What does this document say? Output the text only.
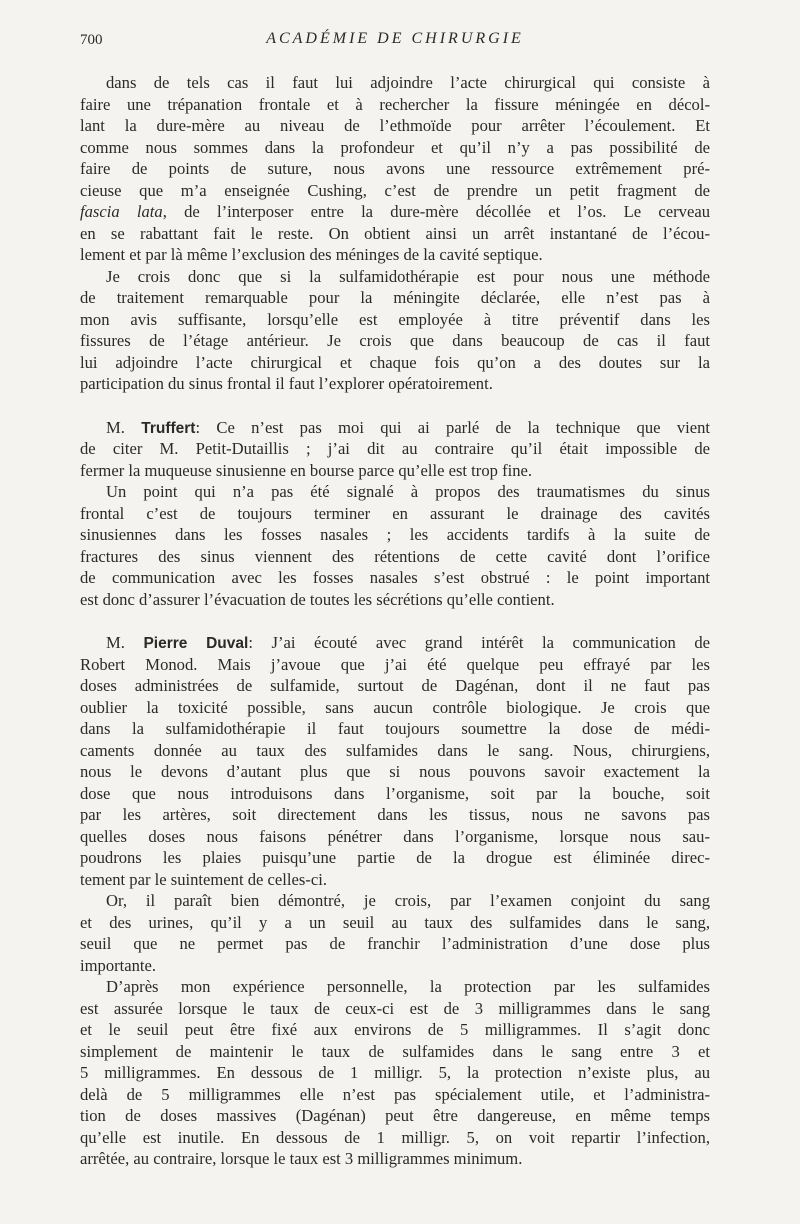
700	ACADÉMIE DE CHIRURGIE
dans de tels cas il faut lui adjoindre l’acte chirurgical qui consiste à
faire une trépanation frontale et à rechercher la fissure méningée en décol-
lant la dure-mère au niveau de l’ethmoïde pour arrêter l’écoulement. Et
comme nous sommes dans la profondeur et qu’il n’y a pas possibilité de
faire de points de suture, nous avons une ressource extrêmement pré-
cieuse que m’a enseignée Cushing, c’est de prendre un petit fragment de
fascia lata, de l’interposer entre la dure-mère décollée et l’os. Le cerveau
en se rabattant fait le reste. On obtient ainsi un arrêt instantané de l’écou-
lement et par là même l’exclusion des méninges de la cavité septique.
Je crois donc que si la sulfamidothérapie est pour nous une méthode
de traitement remarquable pour la méningite déclarée, elle n’est pas à
mon avis suffisante, lorsqu’elle est employée à titre préventif dans les
fissures de l’étage antérieur. Je crois que dans beaucoup de cas il faut
lui adjoindre l’acte chirurgical et chaque fois qu’on a des doutes sur la
participation du sinus frontal il faut l’explorer opératoirement.
M. Truffert: Ce n’est pas moi qui ai parlé de la technique que vient
de citer M. Petit-Dutaillis ; j’ai dit au contraire qu’il était impossible de
fermer la muqueuse sinusienne en bourse parce qu’elle est trop fine.
Un point qui n’a pas été signalé à propos des traumatismes du sinus
frontal c’est de toujours terminer en assurant le drainage des cavités
sinusiennes dans les fosses nasales ; les accidents tardifs à la suite de
fractures des sinus viennent des rétentions de cette cavité dont l’orifice
de communication avec les fosses nasales s’est obstrué : le point important
est donc d’assurer l’évacuation de toutes les sécrétions qu’elle contient.
M. Pierre Duval: J’ai écouté avec grand intérêt la communication de
Robert Monod. Mais j’avoue que j’ai été quelque peu effrayé par les
doses administrées de sulfamide, surtout de Dagénan, dont il ne faut pas
oublier la toxicité possible, sans aucun contrôle biologique. Je crois que
dans la sulfamidothérapie il faut toujours soumettre la dose de médi-
caments donnée au taux des sulfamides dans le sang. Nous, chirurgiens,
nous le devons d’autant plus que si nous pouvons savoir exactement la
dose que nous introduisons dans l’organisme, soit par la bouche, soit
par les artères, soit directement dans les tissus, nous ne savons pas
quelles doses nous faisons pénétrer dans l’organisme, lorsque nous sau-
poudrons les plaies puisqu’une partie de la drogue est éliminée direc-
tement par le suintement de celles-ci.
Or, il paraît bien démontré, je crois, par l’examen conjoint du sang
et des urines, qu’il y a un seuil au taux des sulfamides dans le sang,
seuil que ne permet pas de franchir l’administration d’une dose plus
importante.
D’après mon expérience personnelle, la protection par les sulfamides
est assurée lorsque le taux de ceux-ci est de 3 milligrammes dans le sang
et le seuil peut être fixé aux environs de 5 milligrammes. Il s’agit donc
simplement de maintenir le taux de sulfamides dans le sang entre 3 et
5 milligrammes. En dessous de 1 milligr. 5, la protection n’existe plus, au
delà de 5 milligrammes elle n’est pas spécialement utile, et l’administra-
tion de doses massives (Dagénan) peut être dangereuse, en même temps
qu’elle est inutile. En dessous de 1 milligr. 5, on voit repartir l’infection,
arrêtée, au contraire, lorsque le taux est 3 milligrammes minimum.
